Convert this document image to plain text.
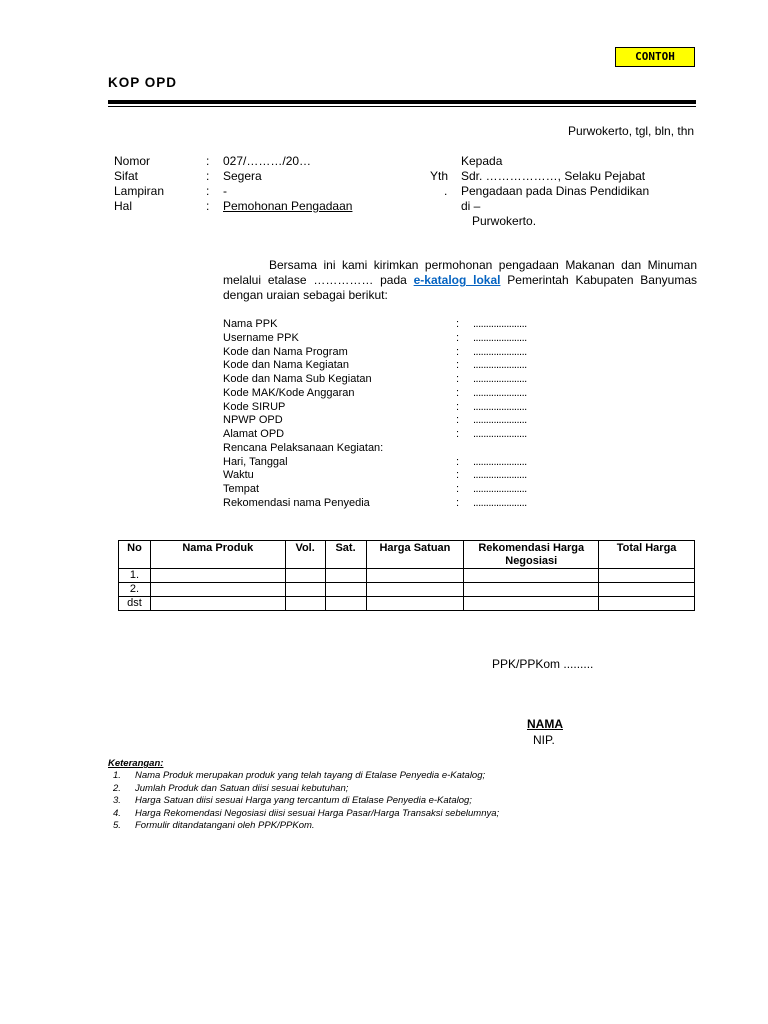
CONTOH
KOP OPD
Purwokerto, tgl, bln, thn
Nomor	: 027/………/20…
Sifat	: Segera
Lampiran	: -
Hal	: Pemohonan Pengadaan
Kepada
Yth Sdr. ………………, Selaku Pejabat
. Pengadaan pada Dinas Pendidikan
di –
Purwokerto.
Bersama ini kami kirimkan permohonan pengadaan Makanan dan Minuman melalui etalase …………… pada e-katalog lokal Pemerintah Kabupaten Banyumas dengan uraian sebagai berikut:
Nama PPK	: .....................
Username PPK	: .....................
Kode dan Nama Program	: .....................
Kode dan Nama Kegiatan	: .....................
Kode dan Nama Sub Kegiatan	: .....................
Kode MAK/Kode Anggaran	: .....................
Kode SIRUP	: .....................
NPWP OPD	: .....................
Alamat OPD	: .....................
Rencana Pelaksanaan Kegiatan:
Hari, Tanggal	: .....................
Waktu	: .....................
Tempat	: .....................
Rekomendasi nama Penyedia	: .....................
No	Nama Produk	Vol.	Sat.	Harga Satuan	Rekomendasi Harga Negosiasi	Total Harga
1.						
2.						
dst						
PPK/PPKom .........
NAMA
NIP.
Keterangan:
1. Nama Produk merupakan produk yang telah tayang di Etalase Penyedia e-Katalog;
2. Jumlah Produk dan Satuan diisi sesuai kebutuhan;
3. Harga Satuan diisi sesuai Harga yang tercantum di Etalase Penyedia e-Katalog;
4. Harga Rekomendasi Negosiasi diisi sesuai Harga Pasar/Harga Transaksi sebelumnya;
5. Formulir ditandatangani oleh PPK/PPKom.
